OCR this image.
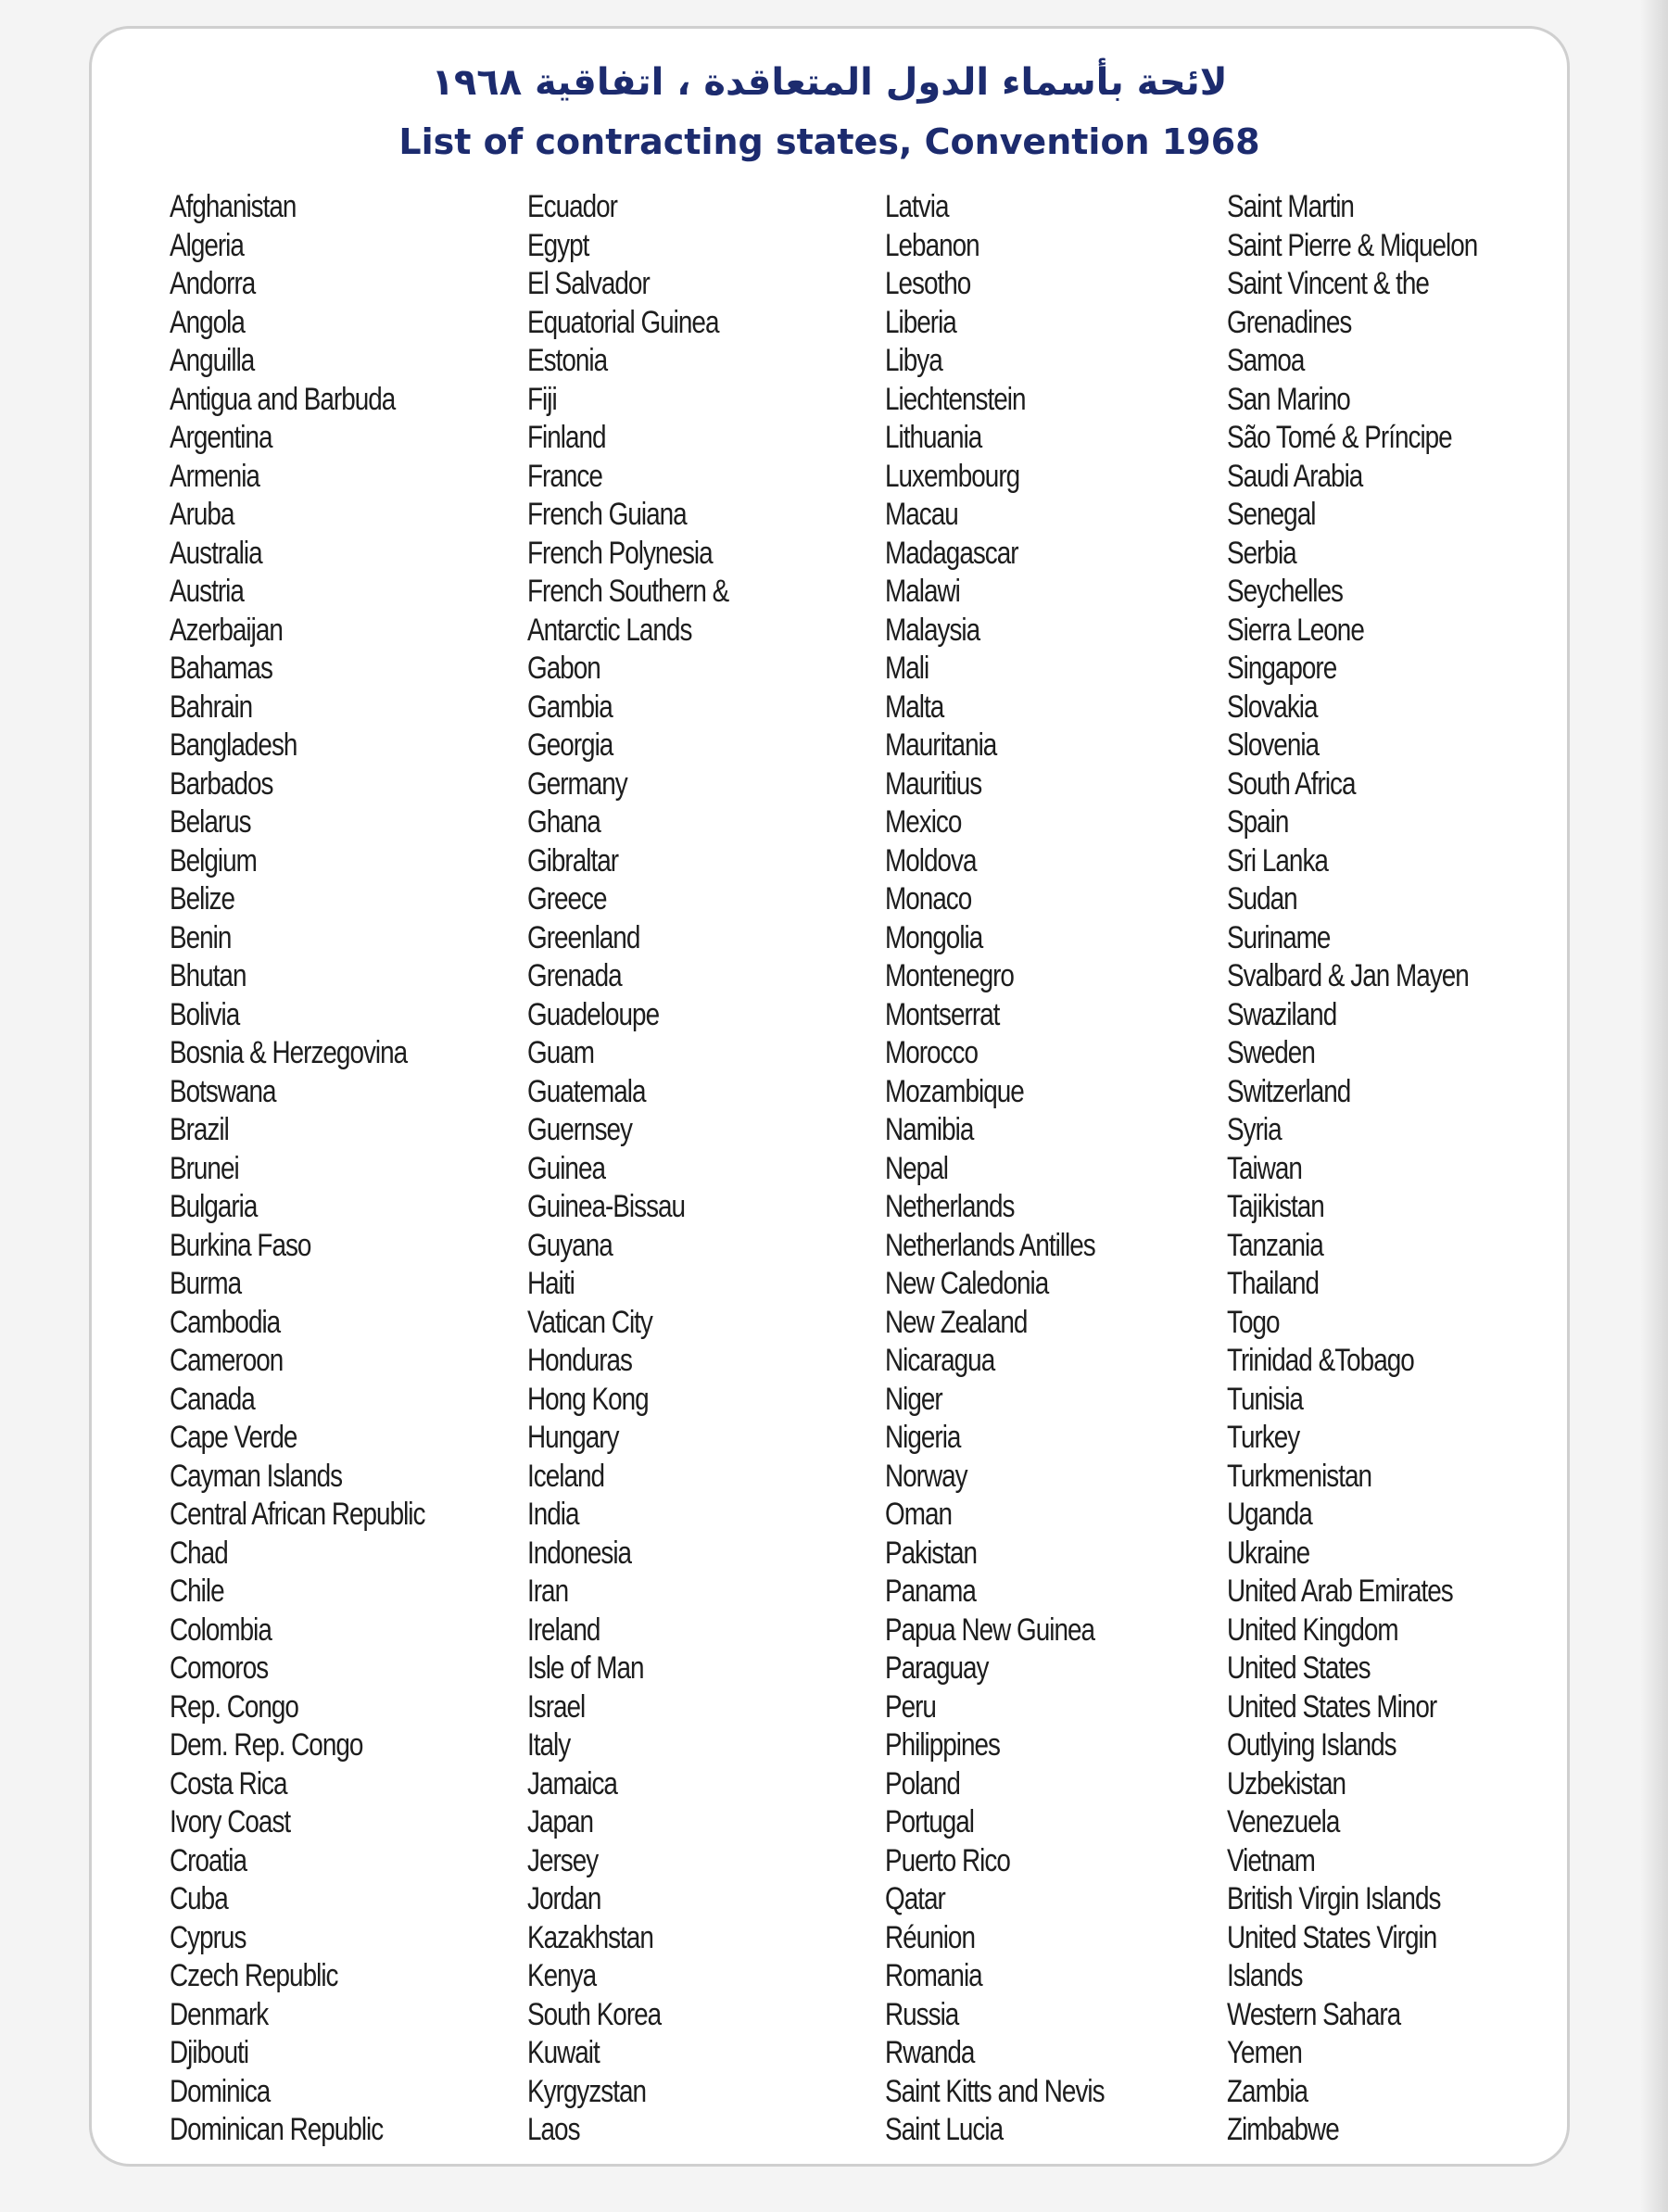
لائحة بأسماء الدول المتعاقدة ، اتفاقية ١٩٦٨
List of contracting states, Convention 1968
Afghanistan
Algeria
Andorra
Angola
Anguilla
Antigua and Barbuda
Argentina
Armenia
Aruba
Australia
Austria
Azerbaijan
Bahamas
Bahrain
Bangladesh
Barbados
Belarus
Belgium
Belize
Benin
Bhutan
Bolivia
Bosnia & Herzegovina
Botswana
Brazil
Brunei
Bulgaria
Burkina Faso
Burma
Cambodia
Cameroon
Canada
Cape Verde
Cayman Islands
Central African Republic
Chad
Chile
Colombia
Comoros
Rep. Congo
Dem. Rep. Congo
Costa Rica
Ivory Coast
Croatia
Cuba
Cyprus
Czech Republic
Denmark
Djibouti
Dominica
Dominican Republic
Ecuador
Egypt
El Salvador
Equatorial Guinea
Estonia
Fiji
Finland
France
French Guiana
French Polynesia
French Southern &
Antarctic Lands
Gabon
Gambia
Georgia
Germany
Ghana
Gibraltar
Greece
Greenland
Grenada
Guadeloupe
Guam
Guatemala
Guernsey
Guinea
Guinea-Bissau
Guyana
Haiti
Vatican City
Honduras
Hong Kong
Hungary
Iceland
India
Indonesia
Iran
Ireland
Isle of Man
Israel
Italy
Jamaica
Japan
Jersey
Jordan
Kazakhstan
Kenya
South Korea
Kuwait
Kyrgyzstan
Laos
Latvia
Lebanon
Lesotho
Liberia
Libya
Liechtenstein
Lithuania
Luxembourg
Macau
Madagascar
Malawi
Malaysia
Mali
Malta
Mauritania
Mauritius
Mexico
Moldova
Monaco
Mongolia
Montenegro
Montserrat
Morocco
Mozambique
Namibia
Nepal
Netherlands
Netherlands Antilles
New Caledonia
New Zealand
Nicaragua
Niger
Nigeria
Norway
Oman
Pakistan
Panama
Papua New Guinea
Paraguay
Peru
Philippines
Poland
Portugal
Puerto Rico
Qatar
Réunion
Romania
Russia
Rwanda
Saint Kitts and Nevis
Saint Lucia
Saint Martin
Saint Pierre & Miquelon
Saint Vincent & the
Grenadines
Samoa
San Marino
São Tomé & Príncipe
Saudi Arabia
Senegal
Serbia
Seychelles
Sierra Leone
Singapore
Slovakia
Slovenia
South Africa
Spain
Sri Lanka
Sudan
Suriname
Svalbard & Jan Mayen
Swaziland
Sweden
Switzerland
Syria
Taiwan
Tajikistan
Tanzania
Thailand
Togo
Trinidad &Tobago
Tunisia
Turkey
Turkmenistan
Uganda
Ukraine
United Arab Emirates
United Kingdom
United States
United States Minor
Outlying Islands
Uzbekistan
Venezuela
Vietnam
British Virgin Islands
United States Virgin
Islands
Western Sahara
Yemen
Zambia
Zimbabwe
